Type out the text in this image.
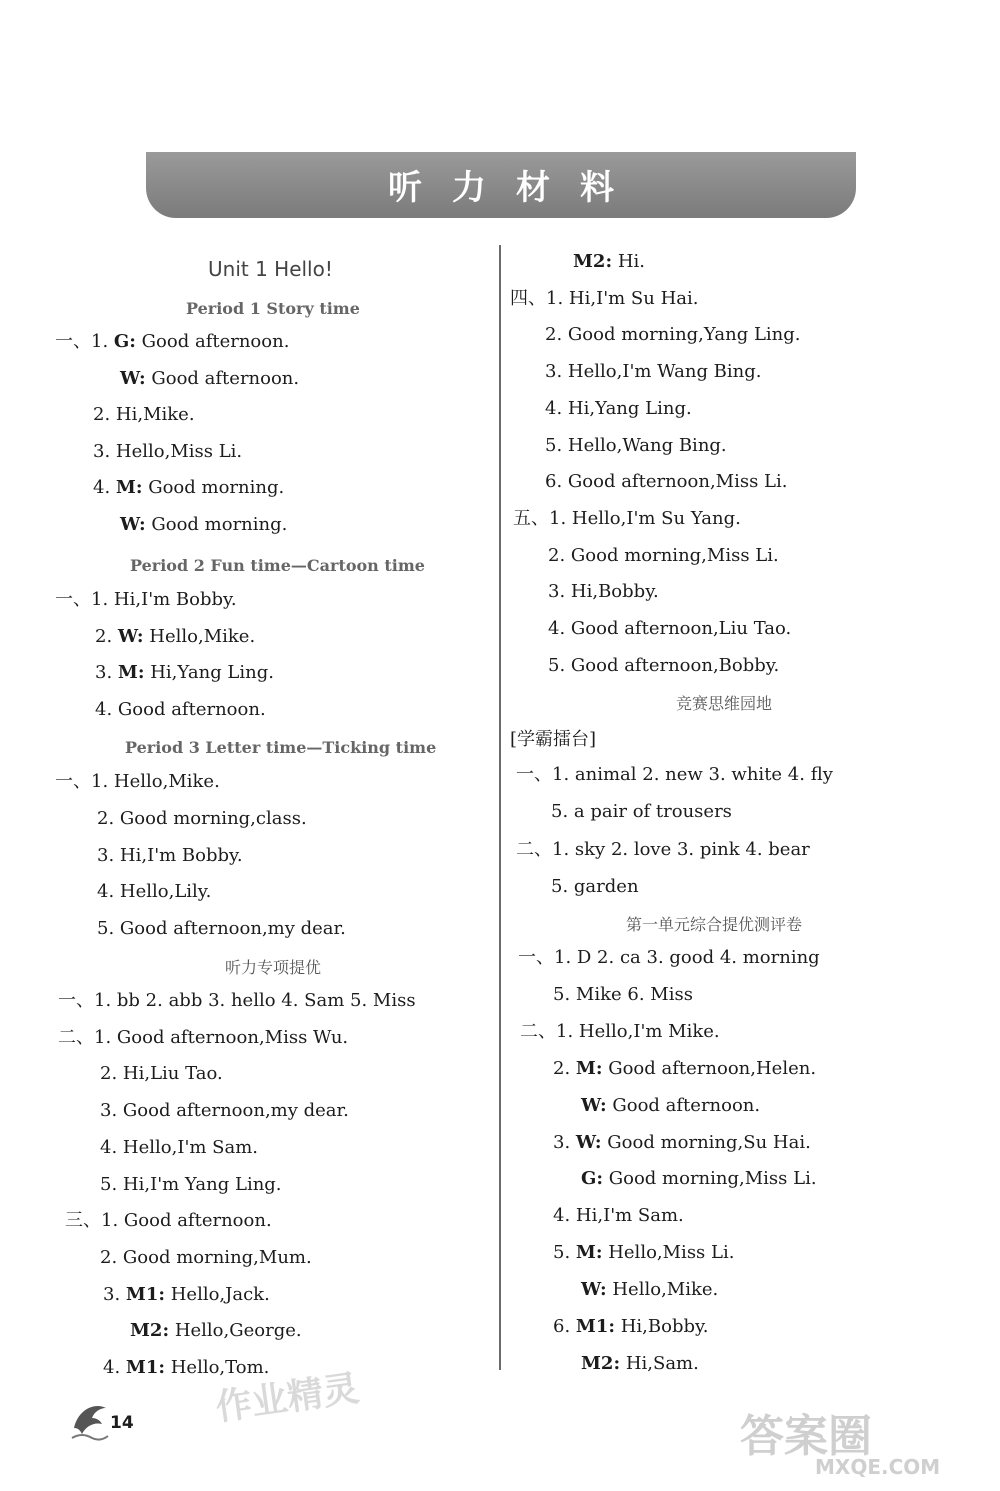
听力材料
Unit 1 Hello!
Period 1 Story time
Period 2 Fun time—Cartoon time
Period 3 Letter time—Ticking time
听力专项提优
一、1. G: Good afternoon.
W: Good afternoon.
2. Hi,Mike.
3. Hello,Miss Li.
4. M: Good morning.
W: Good morning.
一、1. Hi,I'm Bobby.
2. W: Hello,Mike.
3. M: Hi,Yang Ling.
4. Good afternoon.
一、1. Hello,Mike.
2. Good morning,class.
3. Hi,I'm Bobby.
4. Hello,Lily.
5. Good afternoon,my dear.
一、1. bb 2. abb 3. hello 4. Sam 5. Miss
二、1. Good afternoon,Miss Wu.
2. Hi,Liu Tao.
3. Good afternoon,my dear.
4. Hello,I'm Sam.
5. Hi,I'm Yang Ling.
三、1. Good afternoon.
2. Good morning,Mum.
3. M1: Hello,Jack.
M2: Hello,George.
4. M1: Hello,Tom.
竞赛思维园地
[学霸擂台]
第一单元综合提优测评卷
M2: Hi.
四、1. Hi,I'm Su Hai.
2. Good morning,Yang Ling.
3. Hello,I'm Wang Bing.
4. Hi,Yang Ling.
5. Hello,Wang Bing.
6. Good afternoon,Miss Li.
五、1. Hello,I'm Su Yang.
2. Good morning,Miss Li.
3. Hi,Bobby.
4. Good afternoon,Liu Tao.
5. Good afternoon,Bobby.
一、1. animal 2. new 3. white 4. fly
5. a pair of trousers
二、1. sky 2. love 3. pink 4. bear
5. garden
一、1. D 2. ca 3. good 4. morning
5. Mike 6. Miss
二、1. Hello,I'm Mike.
2. M: Good afternoon,Helen.
W: Good afternoon.
3. W: Good morning,Su Hai.
G: Good morning,Miss Li.
4. Hi,I'm Sam.
5. M: Hello,Miss Li.
W: Hello,Mike.
6. M1: Hi,Bobby.
M2: Hi,Sam.
14 作业精灵
答案圈
MXQE.COM
